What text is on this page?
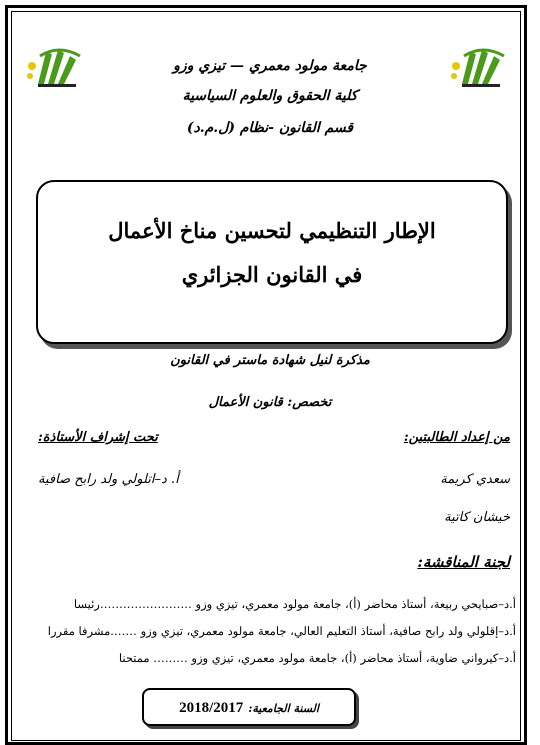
جامعة مولود معمري — تيزي وزو
كلية الحقوق والعلوم السياسية
قسم القانون -نظام (ل.م.د)
الإطار التنظيمي لتحسين مناخ الأعمال
في القانون الجزائري
مذكرة لنيل شهادة ماستر في القانون
تخصص: قانون الأعمال
من إعداد الطالبتين:
تحت إشراف الأستاذة:
سعدي كريمة
أ. د–اتلولي ولد رابح صافية
خيشان كاتية
لجنة المناقشة:
أ.د–صبايحي ربيعة، أستاذ محاضر (أ)، جامعة مولود معمري، تيزي وزو ……………………رئيسا
أ.د–إقلولي ولد رابح صافية، أستاذ التعليم العالي، جامعة مولود معمري، تيزي وزو …….مشرفا مقررا
أ.د–كيرواني ضاوية، أستاذ محاضر (أ)، جامعة مولود معمري، تيزي وزو ……… ممتحنا
2018/2017 السنة الجامعية:
